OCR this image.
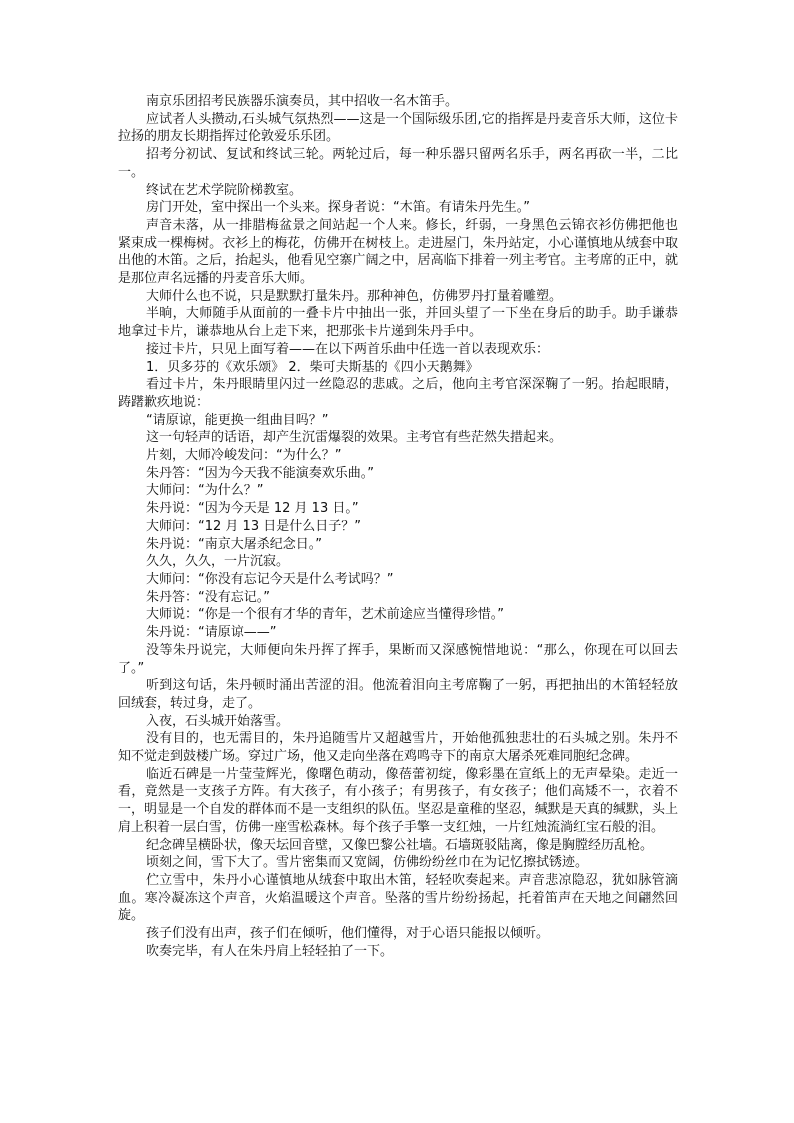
南京乐团招考民族器乐演奏员，其中招收一名木笛手。

应试者人头攒动,石头城气氛热烈——这是一个国际级乐团,它的指挥是丹麦音乐大师，这位卡拉扬的朋友长期指挥过伦敦爱乐乐团。

招考分初试、复试和终试三轮。两轮过后，每一种乐器只留两名乐手，两名再砍一半，二比一。

终试在艺术学院阶梯教室。

房门开处，室中探出一个头来。探身者说：“木笛。有请朱丹先生。”

声音未落，从一排腊梅盆景之间站起一个人来。修长，纤弱，一身黑色云锦衣衫仿佛把他也紧束成一棵梅树。衣衫上的梅花，仿佛开在树枝上。走进屋门，朱丹站定，小心谨慎地从绒套中取出他的木笛。之后，抬起头，他看见空寨广阔之中，居高临下排着一列主考官。主考席的正中，就是那位声名远播的丹麦音乐大师。

大师什么也不说，只是默默打量朱丹。那种神色，仿佛罗丹打量着雕塑。

半晌，大师随手从面前的一叠卡片中抽出一张，并回头望了一下坐在身后的助手。助手谦恭地拿过卡片，谦恭地从台上走下来，把那张卡片递到朱丹手中。

接过卡片，只见上面写着——在以下两首乐曲中任选一首以表现欢乐：

1．贝多芬的《欢乐颂》 2．柴可夫斯基的《四小天鹅舞》

看过卡片，朱丹眼睛里闪过一丝隐忍的悲戚。之后，他向主考官深深鞠了一躬。抬起眼睛，踌躇歉疚地说：

“请原谅，能更换一组曲目吗？”

这一句轻声的话语，却产生沉雷爆裂的效果。主考官有些茫然失措起来。

片刻，大师冷峻发问：“为什么？”

朱丹答：“因为今天我不能演奏欢乐曲。”

大师问：“为什么？”

朱丹说：“因为今天是 12 月 13 日。”

大师问：“12 月 13 日是什么日子？”

朱丹说：“南京大屠杀纪念日。”

久久，久久，一片沉寂。

大师问：“你没有忘记今天是什么考试吗？”

朱丹答：“没有忘记。”

大师说：“你是一个很有才华的青年，艺术前途应当懂得珍惜。”

朱丹说：“请原谅——”

没等朱丹说完，大师便向朱丹挥了挥手，果断而又深感惋惜地说：“那么，你现在可以回去了。”

听到这句话，朱丹顿时涌出苦涩的泪。他流着泪向主考席鞠了一躬，再把抽出的木笛轻轻放回绒套，转过身，走了。

入夜，石头城开始落雪。

没有目的，也无需目的，朱丹追随雪片又超越雪片，开始他孤独悲壮的石头城之别。朱丹不知不觉走到鼓楼广场。穿过广场，他又走向坐落在鸡鸣寺下的南京大屠杀死难同胞纪念碑。

临近石碑是一片莹莹辉光，像曙色萌动，像蓓蕾初绽，像彩墨在宣纸上的无声晕染。走近一看，竟然是一支孩子方阵。有大孩子，有小孩子；有男孩子，有女孩子；他们高矮不一，衣着不一，明显是一个自发的群体而不是一支组织的队伍。坚忍是童稚的坚忍，缄默是天真的缄默，头上肩上积着一层白雪，仿佛一座雪松森林。每个孩子手擎一支红烛，一片红烛流淌红宝石般的泪。

纪念碑呈横卧状，像天坛回音壁，又像巴黎公社墙。石墙斑驳陆离，像是胸膛经历乱枪。

顷刻之间，雪下大了。雪片密集而又宽阔，仿佛纷纷丝巾在为记忆擦拭锈迹。

伫立雪中，朱丹小心谨慎地从绒套中取出木笛，轻轻吹奏起来。声音悲凉隐忍，犹如脉管滴血。寒冷凝冻这个声音，火焰温暖这个声音。坠落的雪片纷纷扬起，托着笛声在天地之间翩然回旋。

孩子们没有出声，孩子们在倾听，他们懂得，对于心语只能报以倾听。

吹奏完毕，有人在朱丹肩上轻轻拍了一下。
